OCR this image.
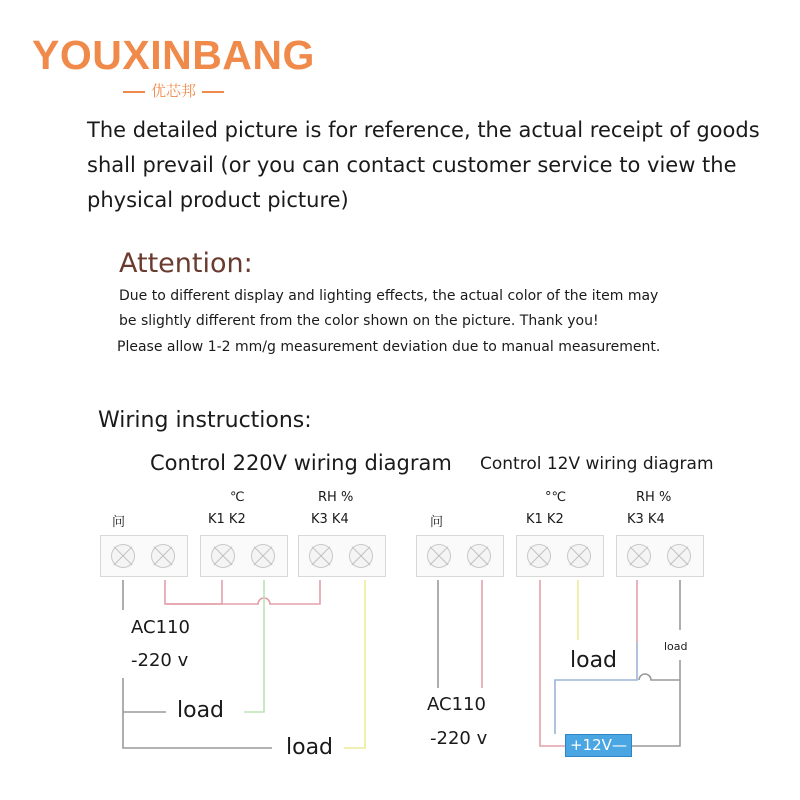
YOUXINBANG
优芯邦
The detailed picture is for reference, the actual receipt of goods shall prevail (or you can contact customer service to view the physical product picture)
Attention:
Due to different display and lighting effects, the actual color of the item may
be slightly different from the color shown on the picture. Thank you!
Please allow 1-2 mm/g measurement deviation due to manual measurement.
Wiring instructions:
Control 220V wiring diagram Control 12V wiring diagram
问
℃
K1 K2
RH %
K3 K4
AC110
-220 v
load
load
问
°℃
K1 K2
RH %
K3 K4
AC110
-220 v
load
load
+12V—
